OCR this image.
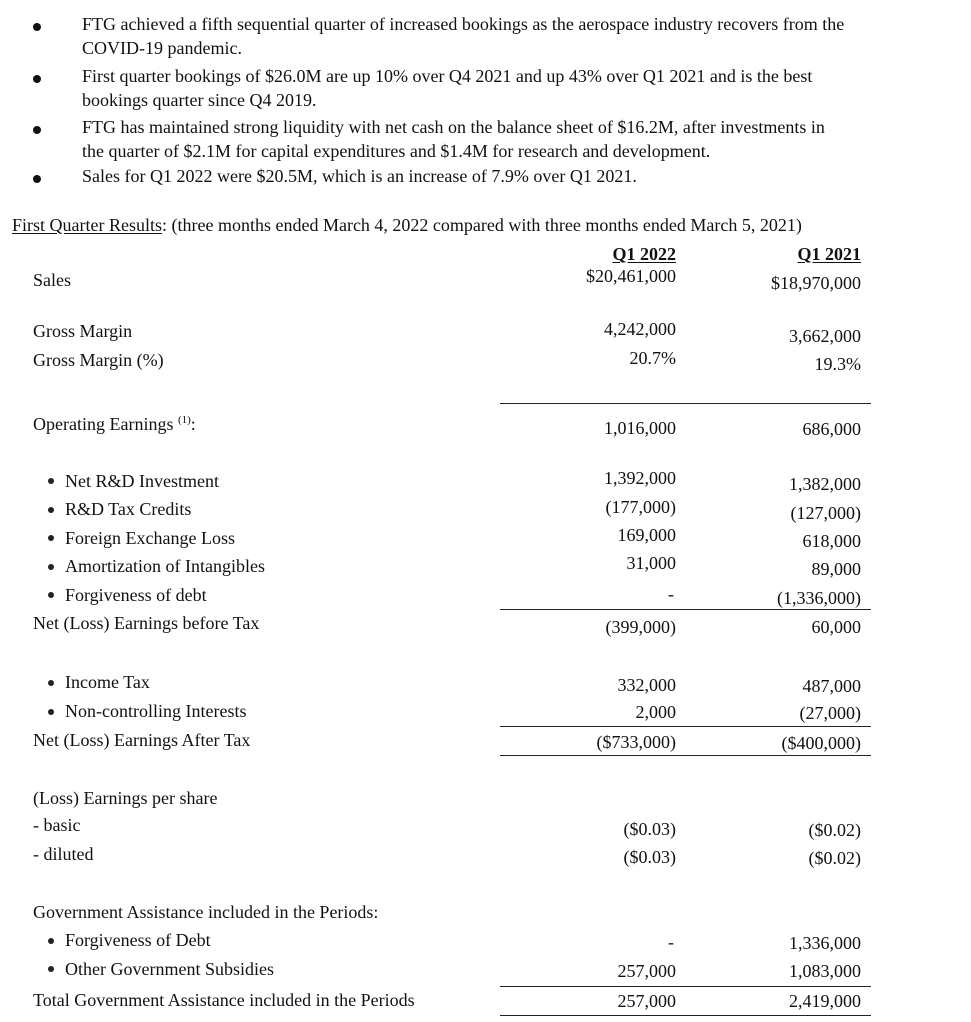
FTG achieved a fifth sequential quarter of increased bookings as the aerospace industry recovers from the
COVID-19 pandemic.
First quarter bookings of $26.0M are up 10% over Q4 2021 and up 43% over Q1 2021 and is the best
bookings quarter since Q4 2019.
FTG has maintained strong liquidity with net cash on the balance sheet of $16.2M, after investments in
the quarter of $2.1M for capital expenditures and $1.4M for research and development.
Sales for Q1 2022 were $20.5M, which is an increase of 7.9% over Q1 2021.
First Quarter Results: (three months ended March 4, 2022 compared with three months ended March 5, 2021)
Q1 2022	Q1 2021
Sales	$20,461,000	$18,970,000
Gross Margin	4,242,000	3,662,000
Gross Margin (%)	20.7%	19.3%
Operating Earnings $^{(1)}$:	1,016,000	686,000
Net R&D Investment	1,392,000	1,382,000
R&D Tax Credits	(177,000)	(127,000)
Foreign Exchange Loss	169,000	618,000
Amortization of Intangibles	31,000	89,000
Forgiveness of debt	-	(1,336,000)
Net (Loss) Earnings before Tax	(399,000)	60,000
Income Tax	332,000	487,000
Non-controlling Interests	2,000	(27,000)
Net (Loss) Earnings After Tax	($733,000)	($400,000)
(Loss) Earnings per share
- basic	($0.03)	($0.02)
- diluted	($0.03)	($0.02)
Government Assistance included in the Periods:
Forgiveness of Debt	-	1,336,000
Other Government Subsidies	257,000	1,083,000
Total Government Assistance included in the Periods	257,000	2,419,000
